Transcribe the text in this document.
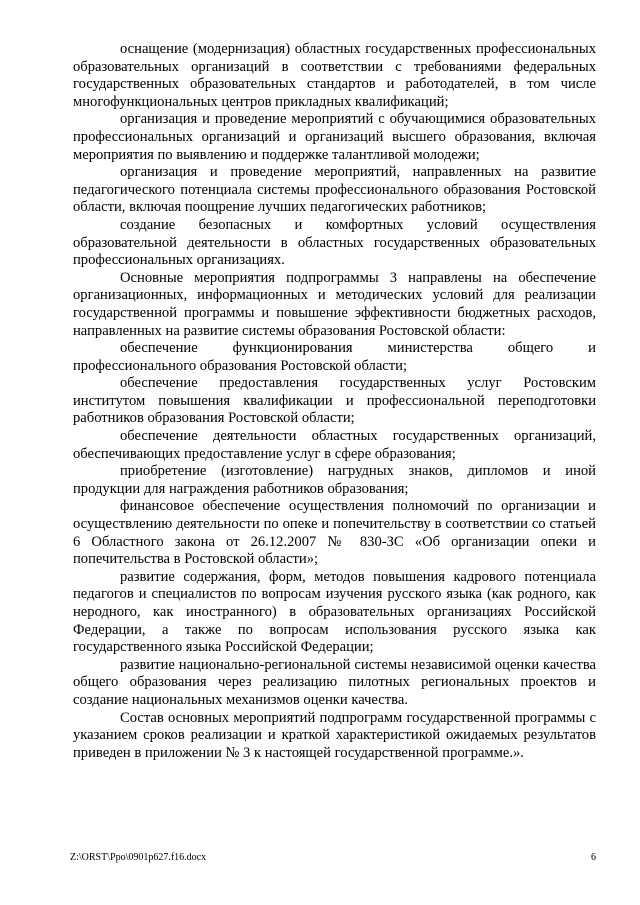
оснащение (модернизация) областных государственных профессиональных образовательных организаций в соответствии с требованиями федеральных государственных образовательных стандартов и работодателей, в том числе многофункциональных центров прикладных квалификаций;

организация и проведение мероприятий с обучающимися образовательных профессиональных организаций и организаций высшего образования, включая мероприятия по выявлению и поддержке талантливой молодежи;

организация и проведение мероприятий, направленных на развитие педагогического потенциала системы профессионального образования Ростовской области, включая поощрение лучших педагогических работников;

создание безопасных и комфортных условий осуществления образовательной деятельности в областных государственных образовательных профессиональных организациях.

Основные мероприятия подпрограммы 3 направлены на обеспечение организационных, информационных и методических условий для реализации государственной программы и повышение эффективности бюджетных расходов, направленных на развитие системы образования Ростовской области:

обеспечение функционирования министерства общего и профессионального образования Ростовской области;

обеспечение предоставления государственных услуг Ростовским институтом повышения квалификации и профессиональной переподготовки работников образования Ростовской области;

обеспечение деятельности областных государственных организаций, обеспечивающих предоставление услуг в сфере образования;

приобретение (изготовление) нагрудных знаков, дипломов и иной продукции для награждения работников образования;

финансовое обеспечение осуществления полномочий по организации и осуществлению деятельности по опеке и попечительству в соответствии со статьей 6 Областного закона от 26.12.2007 № 830-ЗС «Об организации опеки и попечительства в Ростовской области»;

развитие содержания, форм, методов повышения кадрового потенциала педагогов и специалистов по вопросам изучения русского языка (как родного, как неродного, как иностранного) в образовательных организациях Российской Федерации, а также по вопросам использования русского языка как государственного языка Российской Федерации;

развитие национально-региональной системы независимой оценки качества общего образования через реализацию пилотных региональных проектов и создание национальных механизмов оценки качества.

Состав основных мероприятий подпрограмм государственной программы с указанием сроков реализации и краткой характеристикой ожидаемых результатов приведен в приложении № 3 к настоящей государственной программе.».

Z:\ORST\Ppo\0901p627.f16.docx	6
